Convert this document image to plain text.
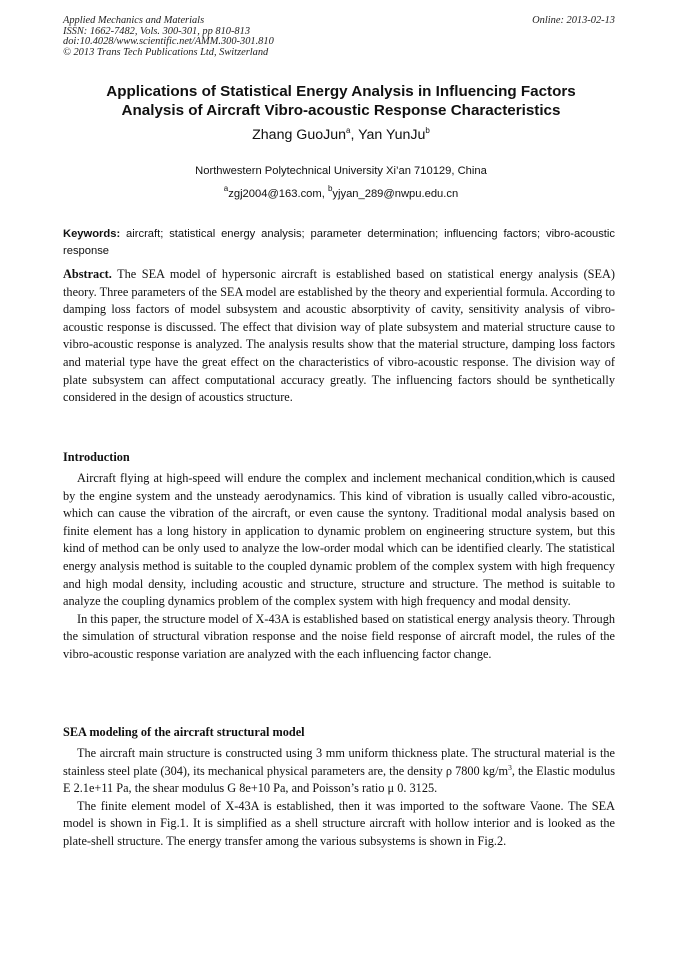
Applied Mechanics and Materials
ISSN: 1662-7482, Vols. 300-301, pp 810-813
doi:10.4028/www.scientific.net/AMM.300-301.810
© 2013 Trans Tech Publications Ltd, Switzerland
Online: 2013-02-13
Applications of Statistical Energy Analysis in Influencing Factors
Analysis of Aircraft Vibro-acoustic Response Characteristics
Zhang GuoJun$^a$, Yan YunJu$^b$
Northwestern Polytechnical University Xi’an 710129, China
$^a$zgj2004@163.com, $^b$yjyan_289@nwpu.edu.cn
Keywords: aircraft; statistical energy analysis; parameter determination; influencing factors; vibro-acoustic response

Abstract. The SEA model of hypersonic aircraft is established based on statistical energy analysis (SEA) theory. Three parameters of the SEA model are established by the theory and experiential formula. According to damping loss factors of model subsystem and acoustic absorptivity of cavity, sensitivity analysis of vibro-acoustic response is discussed. The effect that division way of plate subsystem and material structure cause to vibro-acoustic response is analyzed. The analysis results show that the material structure, damping loss factors and material type have the great effect on the characteristics of vibro-acoustic response. The division way of plate subsystem can affect computational accuracy greatly. The influencing factors should be synthetically considered in the design of acoustics structure.

Introduction

Aircraft flying at high-speed will endure the complex and inclement mechanical condition,which is caused by the engine system and the unsteady aerodynamics. This kind of vibration is usually called vibro-acoustic, which can cause the vibration of the aircraft, or even cause the syntony. Traditional modal analysis based on finite element has a long history in application to dynamic problem on engineering structure system, but this kind of method can be only used to analyze the low-order modal which can be identified clearly. The statistical energy analysis method is suitable to the coupled dynamic problem of the complex system with high frequency and high modal density, including acoustic and structure, structure and structure. The method is suitable to analyze the coupling dynamics problem of the complex system with high frequency and modal density.

In this paper, the structure model of X-43A is established based on statistical energy analysis theory. Through the simulation of structural vibration response and the noise field response of aircraft model, the rules of the vibro-acoustic response variation are analyzed with the each influencing factor change.

SEA modeling of the aircraft structural model

The aircraft main structure is constructed using 3 mm uniform thickness plate. The structural material is the stainless steel plate (304), its mechanical physical parameters are, the density ρ 7800 $kg/m^3$, the Elastic modulus E 2.1e+11 Pa, the shear modulus G 8e+10 Pa, and Poisson’s ratio μ 0. 3125.

The finite element model of X-43A is established, then it was imported to the software Vaone. The SEA model is shown in Fig.1. It is simplified as a shell structure aircraft with hollow interior and is looked as the plate-shell structure. The energy transfer among the various subsystems is shown in Fig.2.
